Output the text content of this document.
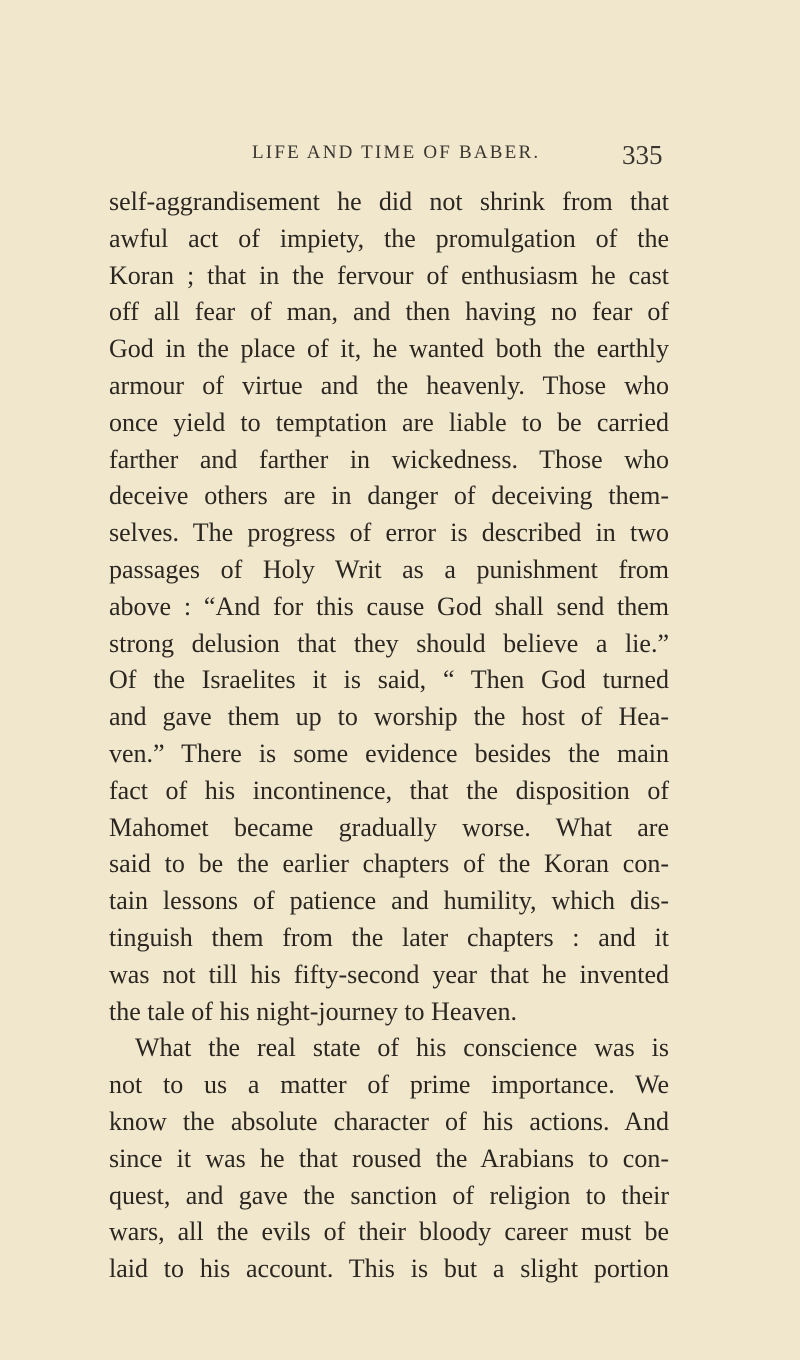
LIFE AND TIME OF BABER.	335
self-aggrandisement he did not shrink from that
awful act of impiety, the promulgation of the
Koran ; that in the fervour of enthusiasm he cast
off all fear of man, and then having no fear of
God in the place of it, he wanted both the earthly
armour of virtue and the heavenly. Those who
once yield to temptation are liable to be carried
farther and farther in wickedness. Those who
deceive others are in danger of deceiving them-
selves. The progress of error is described in two
passages of Holy Writ as a punishment from
above : “And for this cause God shall send them
strong delusion that they should believe a lie.”
Of the Israelites it is said, “ Then God turned
and gave them up to worship the host of Hea-
ven.” There is some evidence besides the main
fact of his incontinence, that the disposition of
Mahomet became gradually worse. What are
said to be the earlier chapters of the Koran con-
tain lessons of patience and humility, which dis-
tinguish them from the later chapters : and it
was not till his fifty-second year that he invented
the tale of his night-journey to Heaven.
What the real state of his conscience was is
not to us a matter of prime importance. We
know the absolute character of his actions. And
since it was he that roused the Arabians to con-
quest, and gave the sanction of religion to their
wars, all the evils of their bloody career must be
laid to his account. This is but a slight portion
